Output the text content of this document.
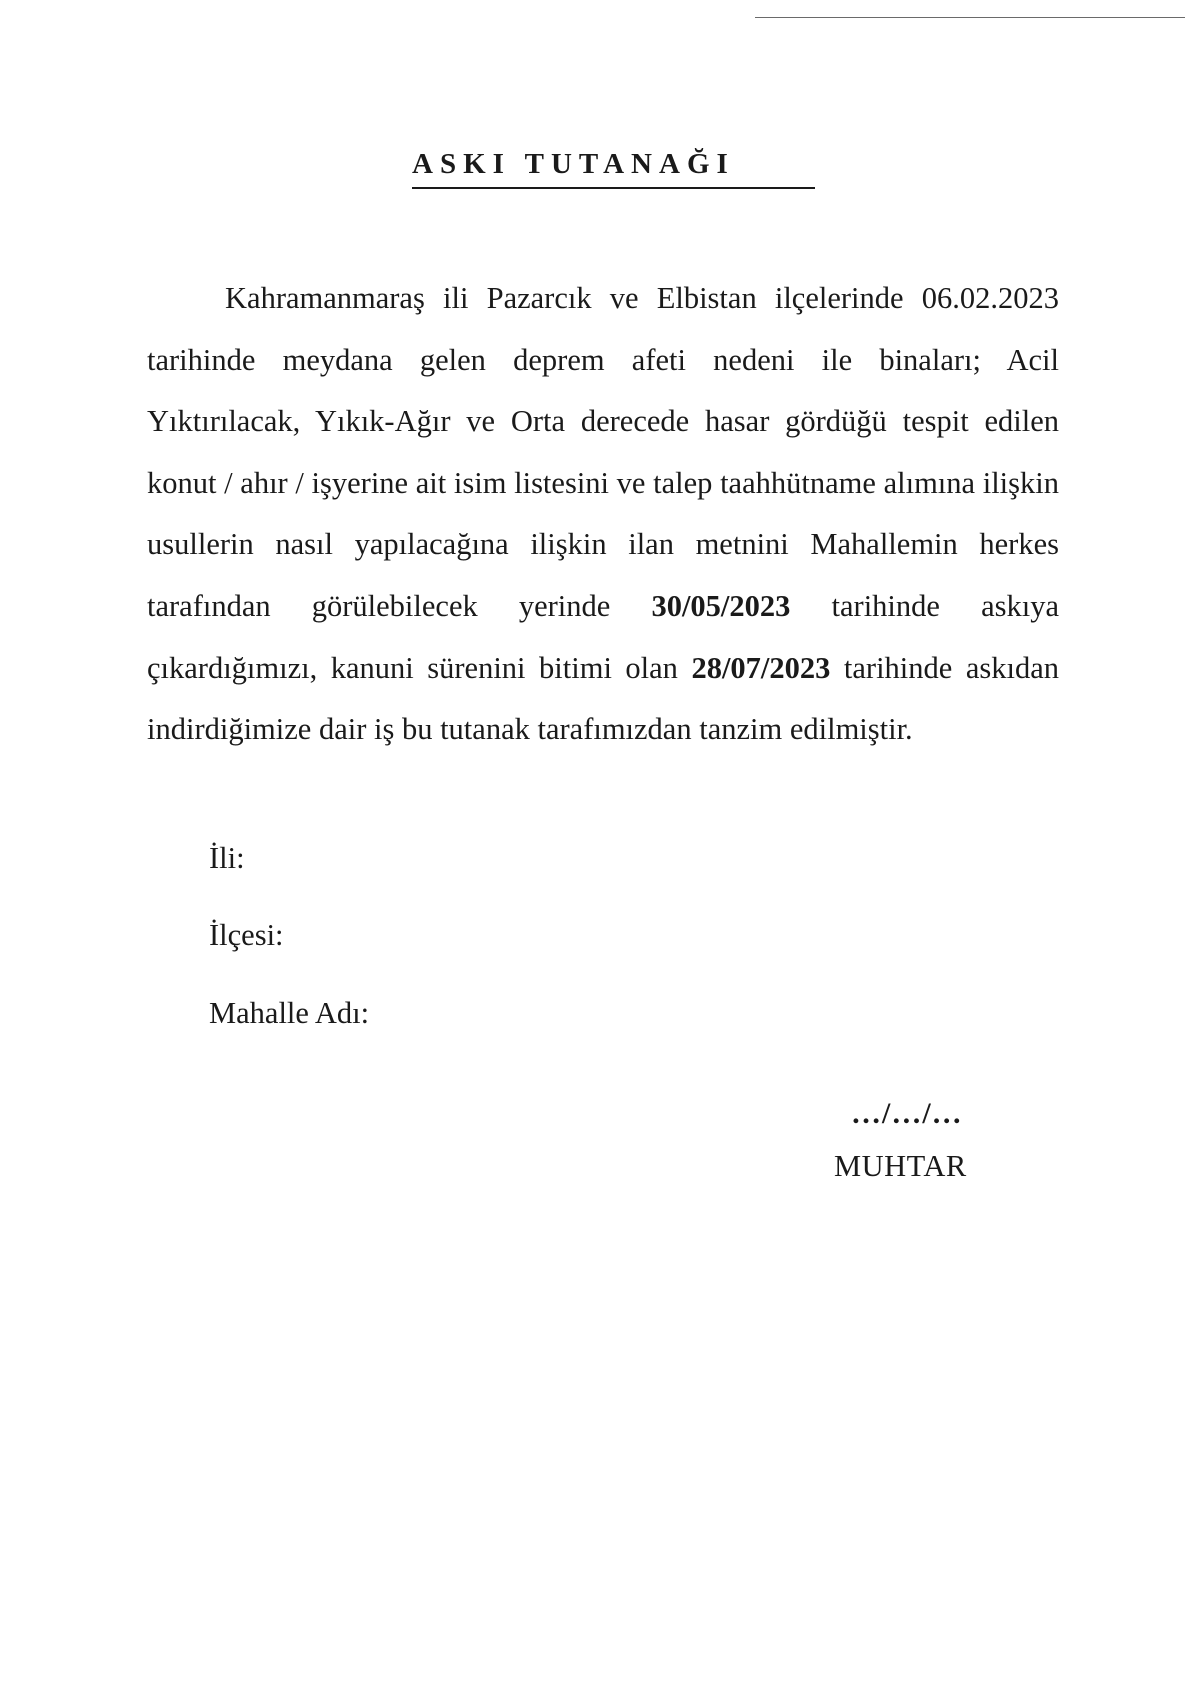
ASKI TUTANAĞI

Kahramanmaraş ili Pazarcık ve Elbistan ilçelerinde 06.02.2023 tarihinde meydana gelen deprem afeti nedeni ile binaları; Acil Yıktırılacak, Yıkık-Ağır ve Orta derecede hasar gördüğü tespit edilen konut / ahır / işyerine ait isim listesini ve talep taahhütname alımına ilişkin usullerin nasıl yapılacağına ilişkin ilan metnini Mahallemin herkes tarafından görülebilecek yerinde 30/05/2023 tarihinde askıya çıkardığımızı, kanuni sürenini bitimi olan 28/07/2023 tarihinde askıdan indirdiğimize dair iş bu tutanak tarafımızdan tanzim edilmiştir.

İli:

İlçesi:

Mahalle Adı:

…/…/…

MUHTAR
